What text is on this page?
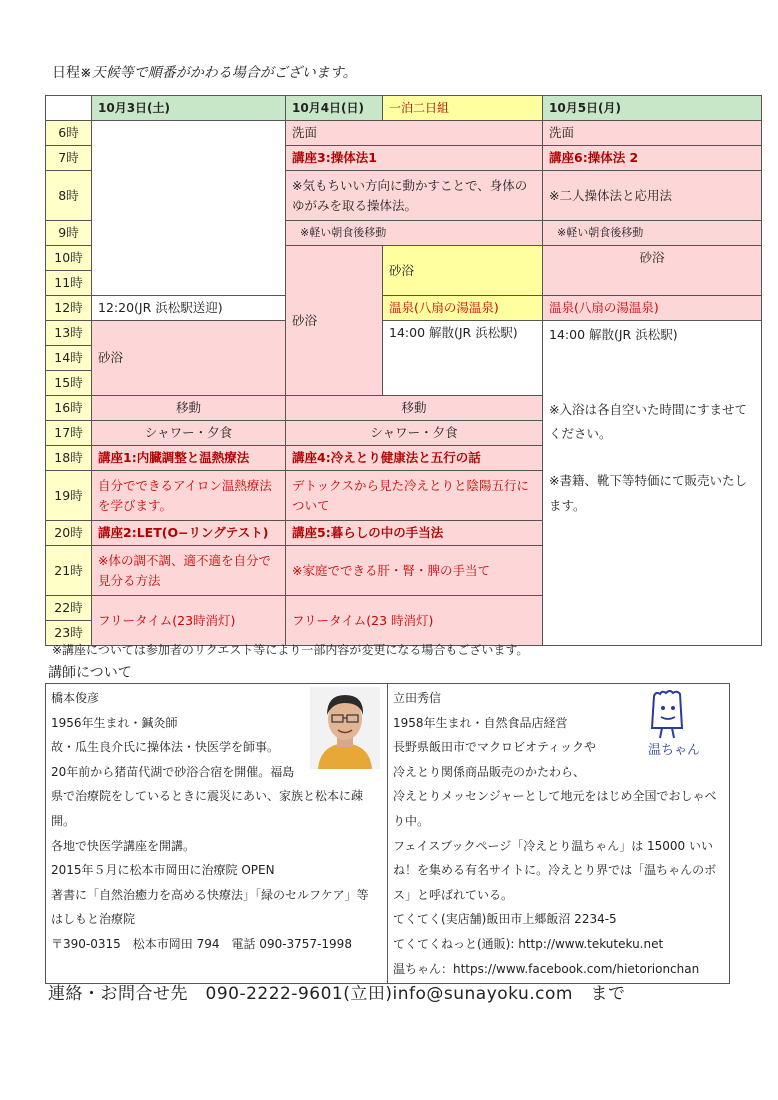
日程※天候等で順番がかわる場合がございます。
	10月3日(土)	10月4日(日)	一泊二日組	10月5日(月)	
6時		洗面		洗面	
7時		講座3:操体法1		講座6:操体法 2	
8時		※気もちいい方向に動かすことで、身体のゆがみを取る操体法。		※二人操体法と応用法	
9時		※軽い朝食後移動		※軽い朝食後移動	
10時		砂浴	砂浴	砂浴	
11時					
12時	12:20(JR 浜松駅送迎)		温泉(八扇の湯温泉)	温泉(八扇の湯温泉)	
13時	砂浴		14:00 解散(JR 浜松駅)	14:00 解散(JR 浜松駅)
※入浴は各自空いた時間にすませてください。
※書籍、靴下等特価にて販売いたします。	

14時					
15時					
16時	移動	移動			
17時	シャワー・夕食	シャワー・夕食			
18時	講座1:内臓調整と温熱療法	講座4:冷えとり健康法と五行の話			
19時	自分でできるアイロン温熱療法を学びます。	デトックスから見た冷えとりと陰陽五行について			
20時	講座2:LET(O−リングテスト)	講座5:暮らしの中の手当法			
21時	※体の調不調、適不適を自分で見分る方法	※家庭でできる肝・腎・脾の手当て			
22時	フリータイム(23時消灯)	フリータイム(23 時消灯)			
23時					
※講座については参加者のリクエスト等により一部内容が変更になる場合もございます。
講師について

橋本俊彦

1956年生まれ・鍼灸師

故・瓜生良介氏に操体法・快医学を師事。

20年前から猪苗代湖で砂浴合宿を開催。福島県で治療院をしているときに震災にあい、家族と松本に疎開。

各地で快医学講座を開講。

2015年５月に松本市岡田に治療院 OPEN

著書に「自然治癒力を高める快療法」「緑のセルフケア」等

はしもと治療院

〒390-0315　松本市岡田 794　電話 090-3757-1998

温ちゃん

立田秀信

1958年生まれ・自然食品店経営

長野県飯田市でマクロビオティックや

冷えとり関係商品販売のかたわら、

冷えとりメッセンジャーとして地元をはじめ全国でおしゃべり中。

フェイスブックページ「冷えとり温ちゃん」は 15000 いいね！を集める有名サイトに。冷えとり界では「温ちゃんのボス」と呼ばれている。

てくてく(実店舗)飯田市上郷飯沼 2234-5

てくてくねっと(通販): http://www.tekuteku.net

温ちゃん：https://www.facebook.com/hietorionchan

連絡・お問合せ先　090-2222-9601(立田)info@sunayoku.com　まで
